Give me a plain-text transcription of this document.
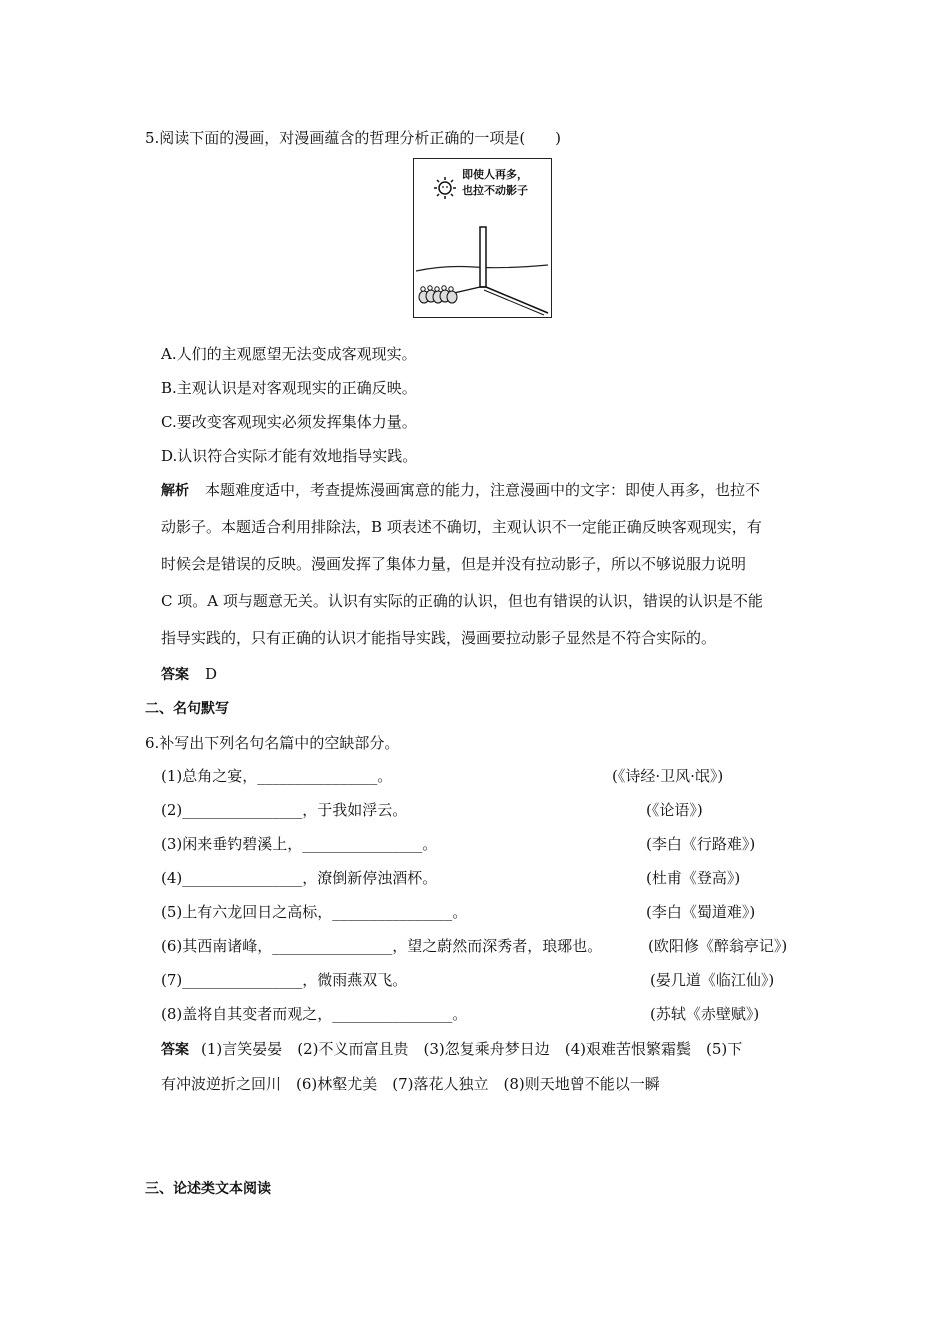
5.阅读下面的漫画，对漫画蕴含的哲理分析正确的一项是(　　)
即使人再多，
也拉不动影子
A.人们的主观愿望无法变成客观现实。
B.主观认识是对客观现实的正确反映。
C.要改变客观现实必须发挥集体力量。
D.认识符合实际才能有效地指导实践。
解析 本题难度适中，考查提炼漫画寓意的能力，注意漫画中的文字：即使人再多，也拉不
动影子。本题适合利用排除法，B 项表述不确切，主观认识不一定能正确反映客观现实，有
时候会是错误的反映。漫画发挥了集体力量，但是并没有拉动影子，所以不够说服力说明
C 项。A 项与题意无关。认识有实际的正确的认识，但也有错误的认识，错误的认识是不能
指导实践的，只有正确的认识才能指导实践，漫画要拉动影子显然是不符合实际的。
答案 D
二、名句默写
6.补写出下列名句名篇中的空缺部分。
(1)总角之宴，________________。	(《诗经·卫风·氓》)
(2)________________，于我如浮云。	(《论语》)
(3)闲来垂钓碧溪上，________________。	(李白《行路难》)
(4)________________，潦倒新停浊酒杯。	(杜甫《登高》)
(5)上有六龙回日之高标，________________。	(李白《蜀道难》)
(6)其西南诸峰，________________，望之蔚然而深秀者，琅琊也。	(欧阳修《醉翁亭记》)
(7)________________，微雨燕双飞。	(晏几道《临江仙》)
(8)盖将自其变者而观之，________________。	(苏轼《赤壁赋》)
答案 (1)言笑晏晏　(2)不义而富且贵　(3)忽复乘舟梦日边　(4)艰难苦恨繁霜鬓　(5)下
有冲波逆折之回川　(6)林壑尤美　(7)落花人独立　(8)则天地曾不能以一瞬
三、论述类文本阅读
